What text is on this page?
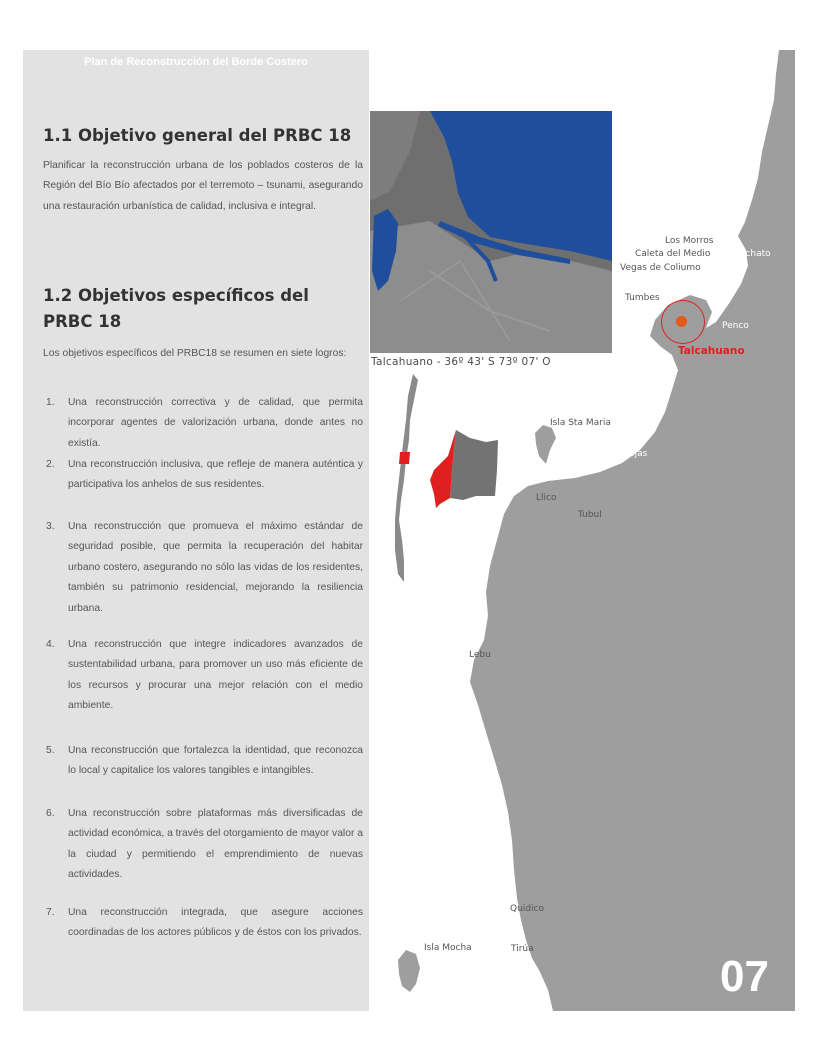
Plan de Reconstrucción del Borde Costero
1.1 Objetivo general del PRBC 18
Planificar la reconstrucción urbana de los poblados costeros de la Región del Bío Bío afectados por el terremoto – tsunami, asegurando una restauración urbanística de calidad, inclusiva e integral.
1.2 Objetivos específicos del PRBC 18
Los objetivos específicos del PRBC18 se resumen en siete logros:
1. Una reconstrucción correctiva y de calidad, que permita incorporar agentes de valorización urbana, donde antes no existía.
2. Una reconstrucción inclusiva, que refleje de manera auténtica y participativa los anhelos de sus residentes.
3. Una reconstrucción que promueva el máximo estándar de seguridad posible, que permita la recuperación del habitar urbano costero, asegurando no sólo las vidas de los residentes, también su patrimonio residencial, mejorando la resiliencia urbana.
4. Una reconstrucción que integre indicadores avanzados de sustentabilidad urbana, para promover un uso más eficiente de los recursos y procurar una mejor relación con el medio ambiente.
5. Una reconstrucción que fortalezca la identidad, que reconozca lo local y capitalice los valores tangibles e intangibles.
6. Una reconstrucción sobre plataformas más diversificadas de actividad económica, a través del otorgamiento de mayor valor a la ciudad y permitiendo el emprendimiento de nuevas actividades.
7. Una reconstrucción integrada, que asegure acciones coordinadas de los actores públicos y de éstos con los privados.
Talcahuano - 36º 43' S 73º 07' O
PRBC18
07
Cobquecura
Perales
Los Morros
Dichato
Caleta del Medio
Vegas de Coliumo
Cocholgüe
Tumbes
Penco
Talcahuano
Isla Sta Maria
Lo Rojas
Llico
Tubul
Lebu
Quidico
Isla Mocha	Tirúa
